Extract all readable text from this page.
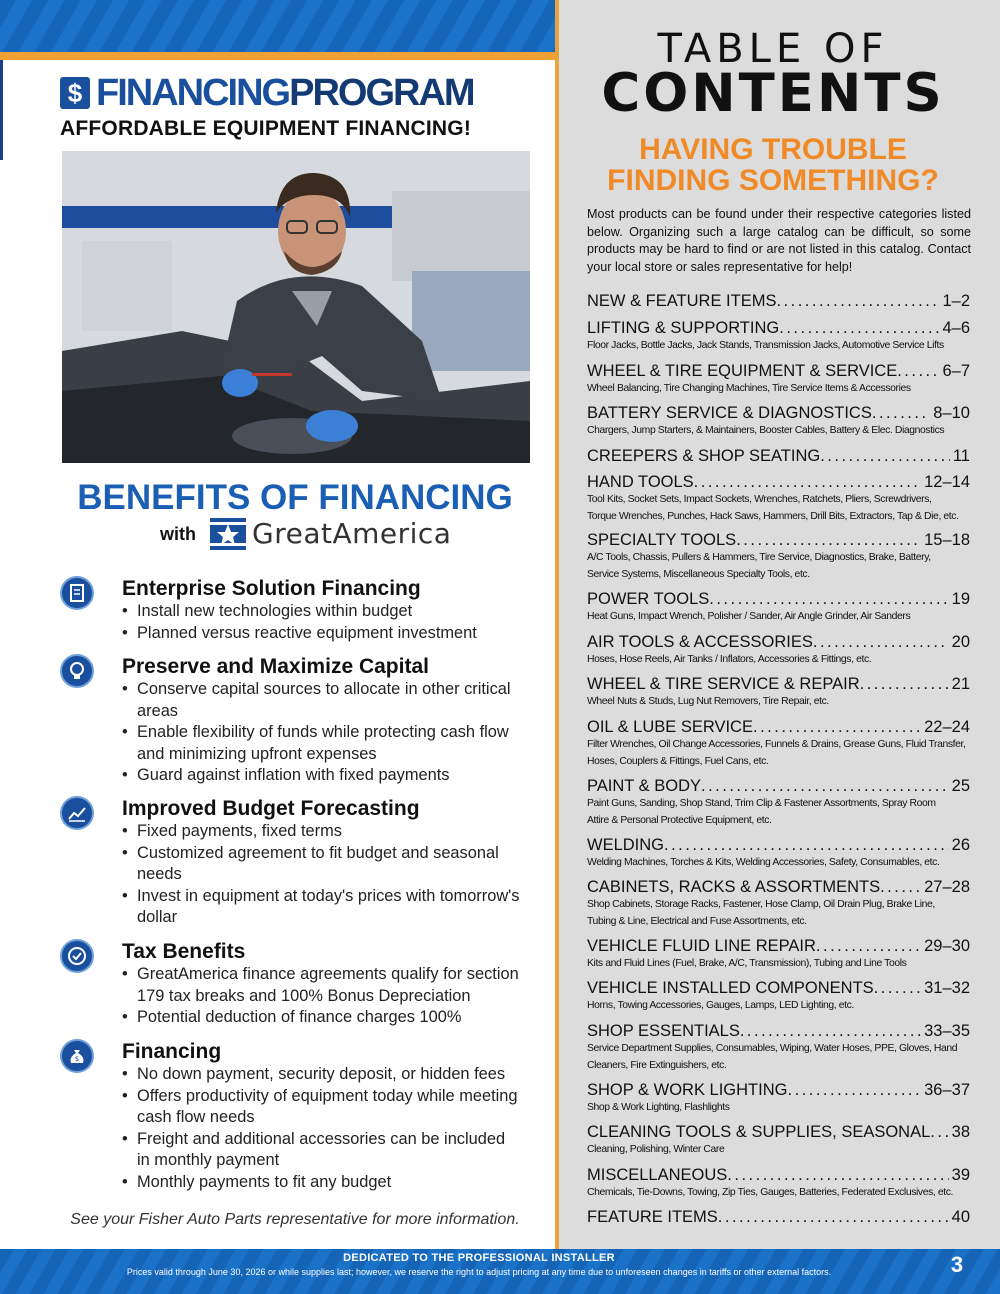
$ FINANCINGPROGRAM
AFFORDABLE EQUIPMENT FINANCING!
BENEFITS OF FINANCING
with GreatAmerica
Enterprise Solution Financing
• Install new technologies within budget
• Planned versus reactive equipment investment
Preserve and Maximize Capital
• Conserve capital sources to allocate in other critical areas
• Enable flexibility of funds while protecting cash flow and minimizing upfront expenses
• Guard against inflation with fixed payments
Improved Budget Forecasting
• Fixed payments, fixed terms
• Customized agreement to fit budget and seasonal needs
• Invest in equipment at today's prices with tomorrow's dollar
Tax Benefits
• GreatAmerica finance agreements qualify for section 179 tax breaks and 100% Bonus Depreciation
• Potential deduction of finance charges 100%
$ Financing
• No down payment, security deposit, or hidden fees
• Offers productivity of equipment today while meeting cash flow needs
• Freight and additional accessories can be included in monthly payment
• Monthly payments to fit any budget
See your Fisher Auto Parts representative for more information.
TABLE OF
CONTENTS
HAVING TROUBLE
FINDING SOMETHING?
Most products can be found under their respective categories listed below. Organizing such a large catalog can be difficult, so some products may be hard to find or are not listed in this catalog. Contact your local store or sales representative for help!
NEW & FEATURE ITEMS .....	1–2
LIFTING & SUPPORTING .....	4–6
Floor Jacks, Bottle Jacks, Jack Stands, Transmission Jacks, Automotive Service Lifts
WHEEL & TIRE EQUIPMENT & SERVICE .....	6–7
Wheel Balancing, Tire Changing Machines, Tire Service Items & Accessories
BATTERY SERVICE & DIAGNOSTICS .....	8–10
Chargers, Jump Starters, & Maintainers, Booster Cables, Battery & Elec. Diagnostics
CREEPERS & SHOP SEATING .....	11
HAND TOOLS .....	12–14
Tool Kits, Socket Sets, Impact Sockets, Wrenches, Ratchets, Pliers, Screwdrivers,
Torque Wrenches, Punches, Hack Saws, Hammers, Drill Bits, Extractors, Tap & Die, etc.
SPECIALTY TOOLS .....	15–18
A/C Tools, Chassis, Pullers & Hammers, Tire Service, Diagnostics, Brake, Battery,
Service Systems, Miscellaneous Specialty Tools, etc.
POWER TOOLS .....	19
Heat Guns, Impact Wrench, Polisher / Sander, Air Angle Grinder, Air Sanders
AIR TOOLS & ACCESSORIES .....	20
Hoses, Hose Reels, Air Tanks / Inflators, Accessories & Fittings, etc.
WHEEL & TIRE SERVICE & REPAIR .....	21
Wheel Nuts & Studs, Lug Nut Removers, Tire Repair, etc.
OIL & LUBE SERVICE .....	22–24
Filter Wrenches, Oil Change Accessories, Funnels & Drains, Grease Guns, Fluid Transfer,
Hoses, Couplers & Fittings, Fuel Cans, etc.
PAINT & BODY .....	25
Paint Guns, Sanding, Shop Stand, Trim Clip & Fastener Assortments, Spray Room
Attire & Personal Protective Equipment, etc.
WELDING .....	26
Welding Machines, Torches & Kits, Welding Accessories, Safety, Consumables, etc.
CABINETS, RACKS & ASSORTMENTS .....	27–28
Shop Cabinets, Storage Racks, Fastener, Hose Clamp, Oil Drain Plug, Brake Line,
Tubing & Line, Electrical and Fuse Assortments, etc.
VEHICLE FLUID LINE REPAIR .....	29–30
Kits and Fluid Lines (Fuel, Brake, A/C, Transmission), Tubing and Line Tools
VEHICLE INSTALLED COMPONENTS .....	31–32
Horns, Towing Accessories, Gauges, Lamps, LED Lighting, etc.
SHOP ESSENTIALS .....	33–35
Service Department Supplies, Consumables, Wiping, Water Hoses, PPE, Gloves, Hand
Cleaners, Fire Extinguishers, etc.
SHOP & WORK LIGHTING .....	36–37
Shop & Work Lighting, Flashlights
CLEANING TOOLS & SUPPLIES, SEASONAL ..... 38
Cleaning, Polishing, Winter Care
MISCELLANEOUS .....	39
Chemicals, Tie-Downs, Towing, Zip Ties, Gauges, Batteries, Federated Exclusives, etc.
FEATURE ITEMS .....	40
DEDICATED TO THE PROFESSIONAL INSTALLER
Prices valid through June 30, 2026 or while supplies last; however, we reserve the right to adjust pricing at any time due to unforeseen changes in tariffs or other external factors.	3
